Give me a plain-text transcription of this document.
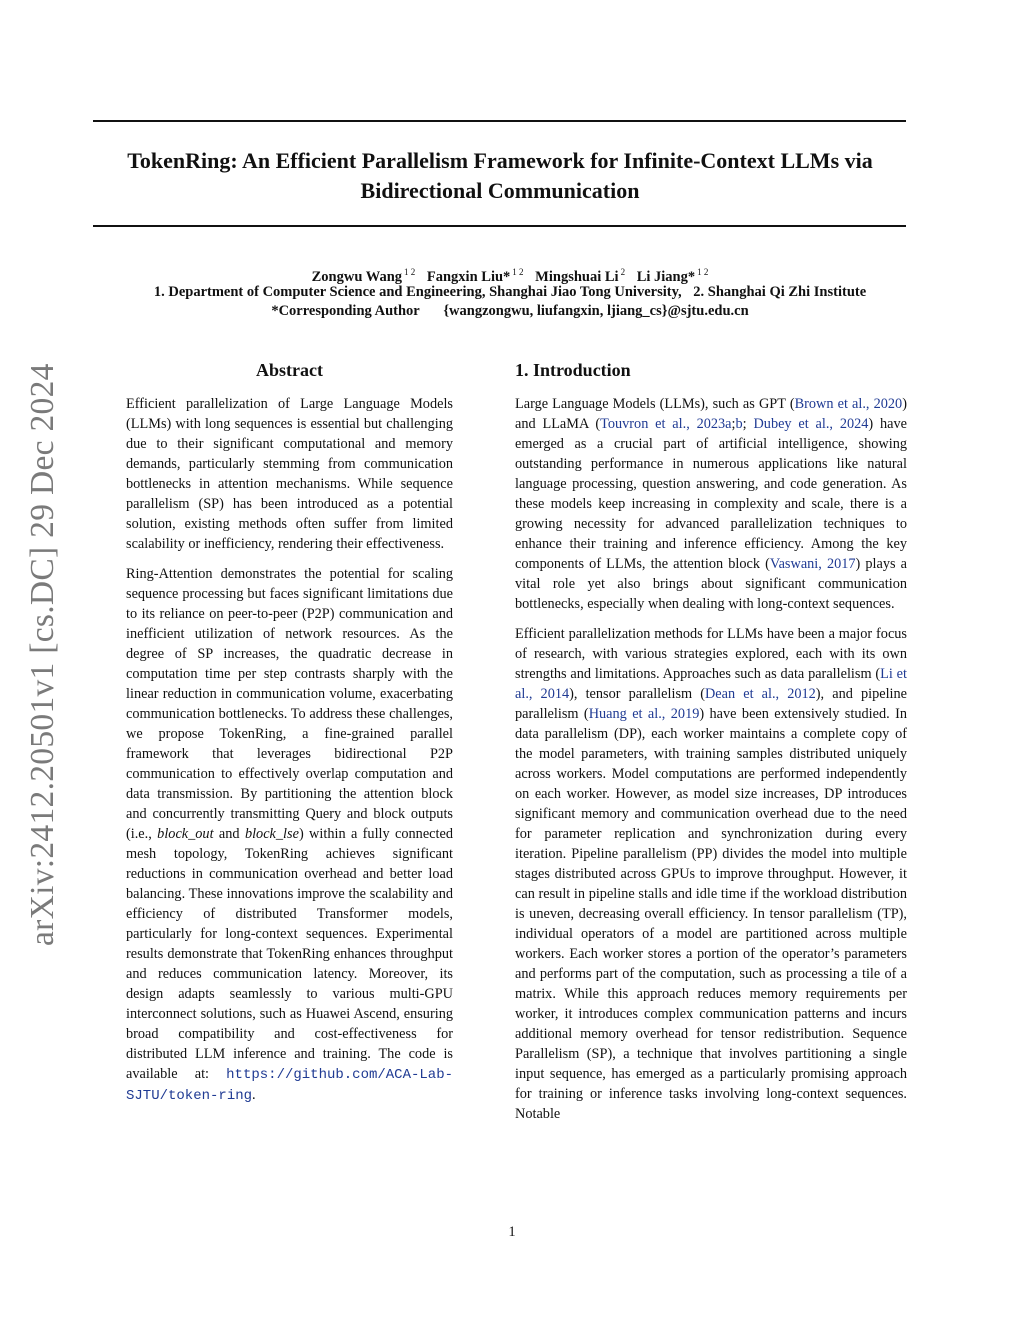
TokenRing: An Efficient Parallelism Framework for Infinite-Context LLMs via
Bidirectional Communication
Zongwu Wang $^{1 2}$ Fangxin Liu* $^{1 2}$ Mingshuai Li $^2$ Li Jiang* $^{1 2}$
1. Department of Computer Science and Engineering, Shanghai Jiao Tong University, 2. Shanghai Qi Zhi Institute
*Corresponding Author {wangzongwu, liufangxin, ljiang_cs}@sjtu.edu.cn
arXiv:2412.20501v1 [cs.DC] 29 Dec 2024	Abstract

Efficient parallelization of Large Language Models (LLMs) with long sequences is essential but challenging due to their significant computational and memory demands, particularly stemming from communication bottlenecks in attention mechanisms. While sequence parallelism (SP) has been introduced as a potential solution, existing methods often suffer from limited scalability or inefficiency, rendering their effectiveness.

Ring-Attention demonstrates the potential for scaling sequence processing but faces significant limitations due to its reliance on peer-to-peer (P2P) communication and inefficient utilization of network resources. As the degree of SP increases, the quadratic decrease in computation time per step contrasts sharply with the linear reduction in communication volume, exacerbating communication bottlenecks. To address these challenges, we propose TokenRing, a fine-grained parallel framework that leverages bidirectional P2P communication to effectively overlap computation and data transmission. By partitioning the attention block and concurrently transmitting Query and block outputs (i.e., block_out and block_lse) within a fully connected mesh topology, TokenRing achieves significant reductions in communication overhead and better load balancing. These innovations improve the scalability and efficiency of distributed Transformer models, particularly for long-context sequences. Experimental results demonstrate that TokenRing enhances throughput and reduces communication latency. Moreover, its design adapts seamlessly to various multi-GPU interconnect solutions, such as Huawei Ascend, ensuring broad compatibility and cost-effectiveness for distributed LLM inference and training. The code is available at: https://github.com/ACA-Lab-SJTU/token-ring.

1. Introduction

Large Language Models (LLMs), such as GPT (Brown et al., 2020) and LLaMA (Touvron et al., 2023a;b; Dubey et al., 2024) have emerged as a crucial part of artificial intelligence, showing outstanding performance in numerous applications like natural language processing, question answering, and code generation. As these models keep increasing in complexity and scale, there is a growing necessity for advanced parallelization techniques to enhance their training and inference efficiency. Among the key components of LLMs, the attention block (Vaswani, 2017) plays a vital role yet also brings about significant communication bottlenecks, especially when dealing with long-context sequences.

Efficient parallelization methods for LLMs have been a major focus of research, with various strategies explored, each with its own strengths and limitations. Approaches such as data parallelism (Li et al., 2014), tensor parallelism (Dean et al., 2012), and pipeline parallelism (Huang et al., 2019) have been extensively studied. In data parallelism (DP), each worker maintains a complete copy of the model parameters, with training samples distributed uniquely across workers. Model computations are performed independently on each worker. However, as model size increases, DP introduces significant memory and communication overhead due to the need for parameter replication and synchronization during every iteration. Pipeline parallelism (PP) divides the model into multiple stages distributed across GPUs to improve throughput. However, it can result in pipeline stalls and idle time if the workload distribution is uneven, decreasing overall efficiency. In tensor parallelism (TP), individual operators of a model are partitioned across multiple workers. Each worker stores a portion of the operator’s parameters and performs part of the computation, such as processing a tile of a matrix. While this approach reduces memory requirements per worker, it introduces complex communication patterns and incurs additional memory overhead for tensor redistribution. Sequence Parallelism (SP), a technique that involves partitioning a single input sequence, has emerged as a particularly promising approach for training or inference tasks involving long-context sequences. Notable

1
